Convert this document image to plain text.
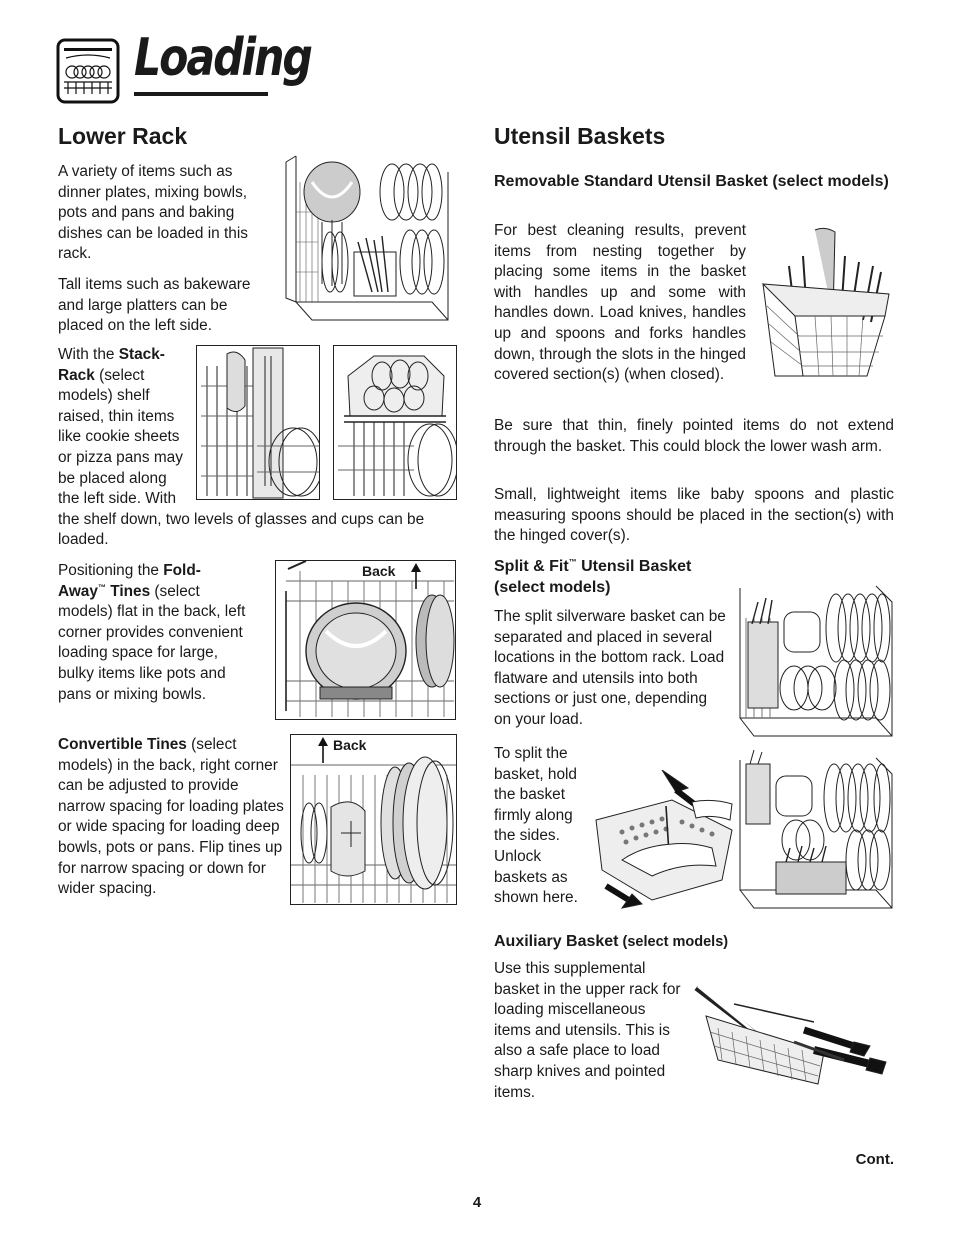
Loading
Lower Rack

A variety of items such as dinner plates, mixing bowls, pots and pans and baking dishes can be loaded in this rack.

Tall items such as bakeware and large platters can be placed on the left side.

With the Stack-Rack (select models) shelf raised, thin items like cookie sheets or pizza pans may be placed along the left side. With the shelf down, two levels of glasses and cups can be loaded.

Positioning the Fold-Away™ Tines (select models) flat in the back, left corner provides convenient loading space for large, bulky items like pots and pans or mixing bowls.

Back

Convertible Tines (select models) in the back, right corner can be adjusted to provide narrow spacing for loading plates or wide spacing for loading deep bowls, pots or pans. Flip tines up for narrow spacing or down for wider spacing.

Back
Utensil Baskets
Removable Standard Utensil Basket (select models)

For best cleaning results, prevent items from nesting together by placing some items in the basket with handles up and some with handles down. Load knives, handles up and spoons and forks handles down, through the slots in the hinged covered section(s) (when closed).

Be sure that thin, finely pointed items do not extend through the basket. This could block the lower wash arm.

Small, lightweight items like baby spoons and plastic measuring spoons should be placed in the section(s) with the hinged cover(s).

Split & Fit™ Utensil Basket (select models)

The split silverware basket can be separated and placed in several locations in the bottom rack. Load flatware and utensils into both sections or just one, depending on your load.

To split the basket, hold the basket firmly along the sides. Unlock baskets as shown here.

Auxiliary Basket (select models)

Use this supplemental basket in the upper rack for loading miscellaneous items and utensils. This is also a safe place to load sharp knives and pointed items.

Cont.
4
